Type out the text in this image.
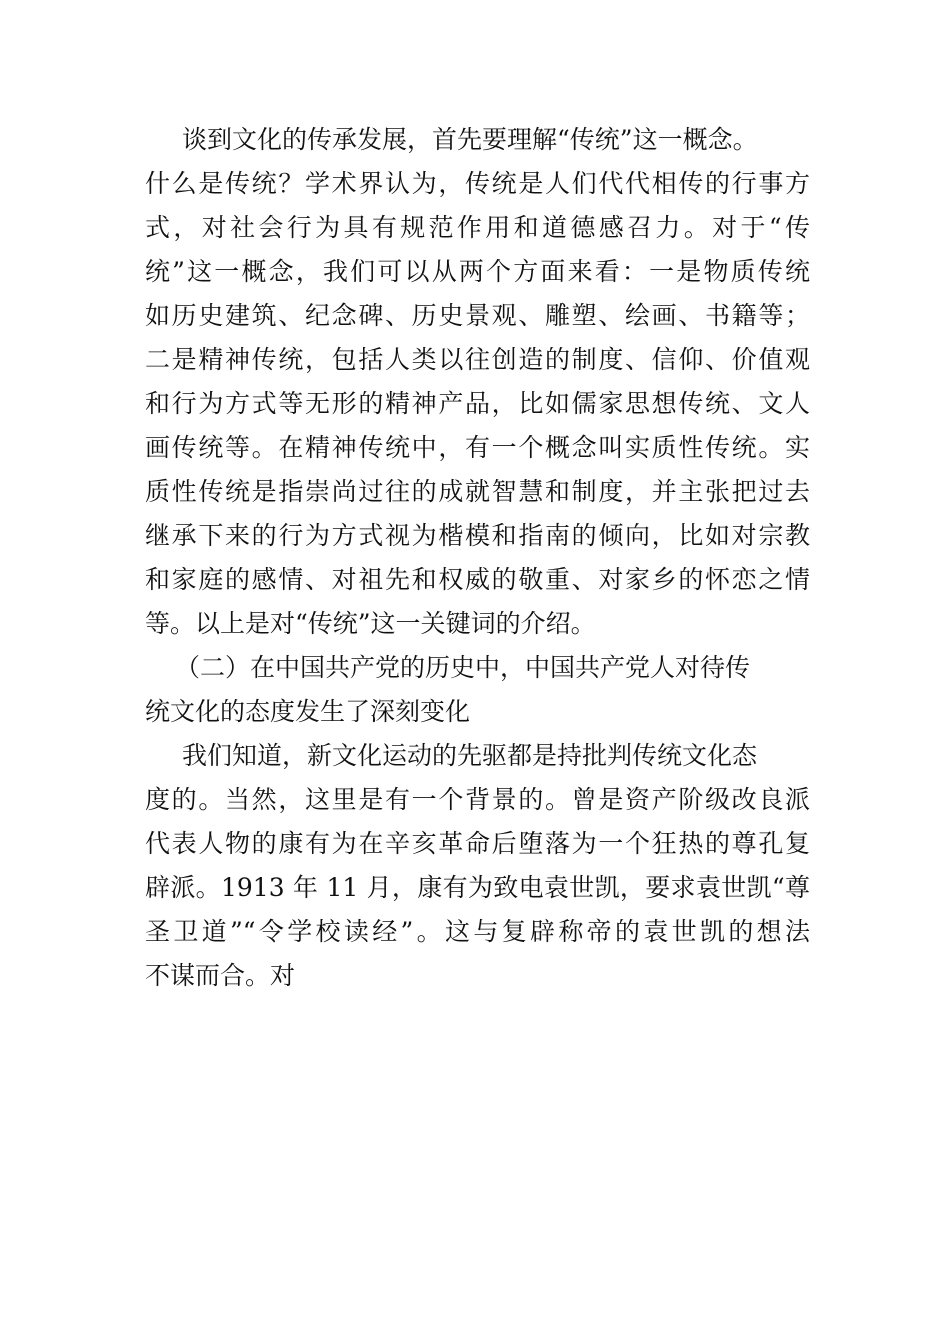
谈到文化的传承发展，首先要理解“传统”这一概念。
什么是传统？学术界认为，传统是人们代代相传的行事方
式，对社会行为具有规范作用和道德感召力。对于“传
统”这一概念，我们可以从两个方面来看：一是物质传统
如历史建筑、纪念碑、历史景观、雕塑、绘画、书籍等；
二是精神传统，包括人类以往创造的制度、信仰、价值观
和行为方式等无形的精神产品，比如儒家思想传统、文人
画传统等。在精神传统中，有一个概念叫实质性传统。实
质性传统是指崇尚过往的成就智慧和制度，并主张把过去
继承下来的行为方式视为楷模和指南的倾向，比如对宗教
和家庭的感情、对祖先和权威的敬重、对家乡的怀恋之情
等。以上是对“传统”这一关键词的介绍。
（二）在中国共产党的历史中，中国共产党人对待传
统文化的态度发生了深刻变化
我们知道，新文化运动的先驱都是持批判传统文化态
度的。当然，这里是有一个背景的。曾是资产阶级改良派
代表人物的康有为在辛亥革命后堕落为一个狂热的尊孔复
辟派。1913 年 11 月，康有为致电袁世凯，要求袁世凯“尊
圣卫道”“令学校读经”。这与复辟称帝的袁世凯的想法
不谋而合。对
